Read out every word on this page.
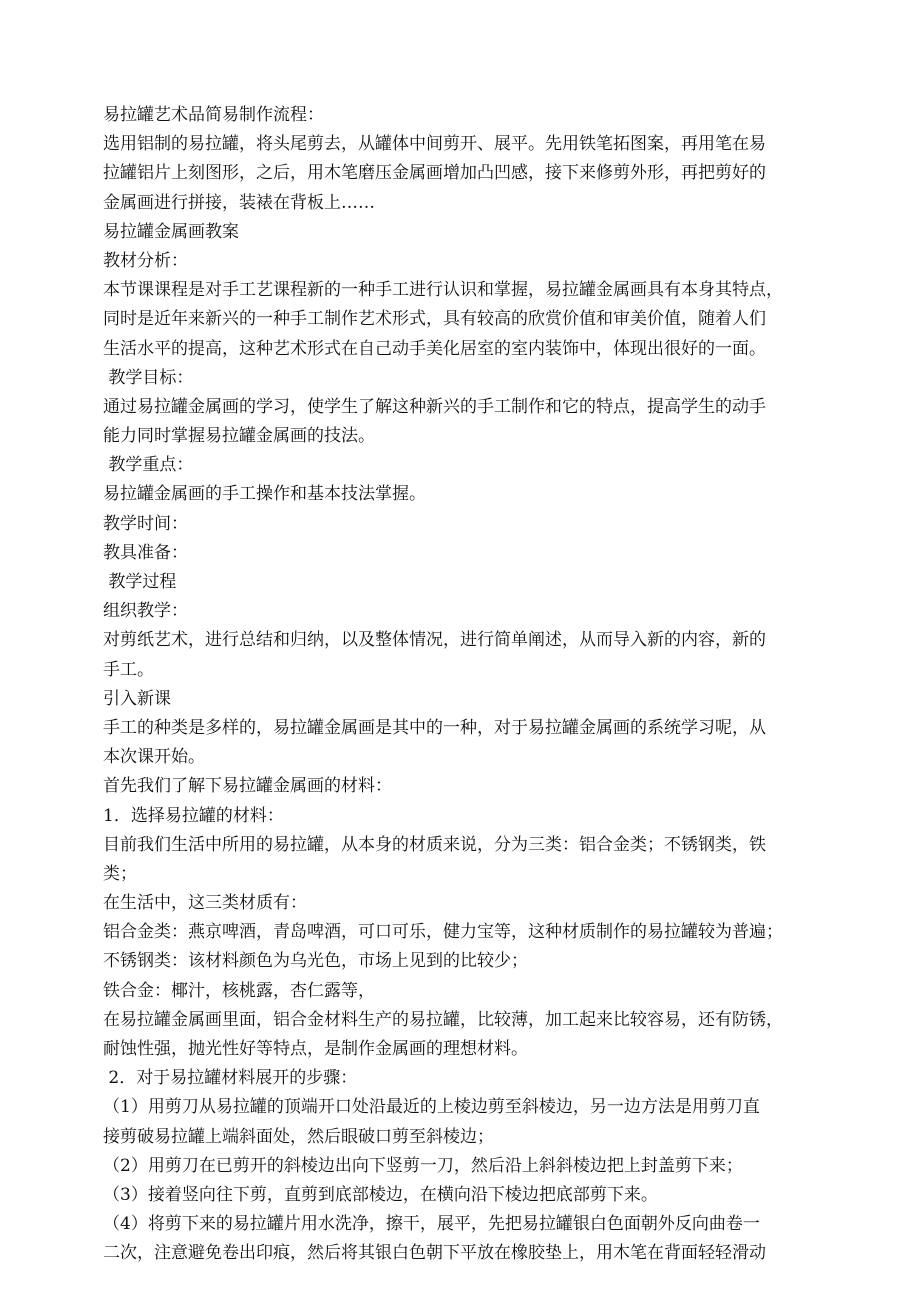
易拉罐艺术品简易制作流程：

选用铝制的易拉罐，将头尾剪去，从罐体中间剪开、展平。先用铁笔拓图案，再用笔在易

拉罐铝片上刻图形，之后，用木笔磨压金属画增加凸凹感，接下来修剪外形，再把剪好的

金属画进行拼接，装裱在背板上……

易拉罐金属画教案

教材分析：

本节课课程是对手工艺课程新的一种手工进行认识和掌握，易拉罐金属画具有本身其特点，

同时是近年来新兴的一种手工制作艺术形式，具有较高的欣赏价值和审美价值，随着人们

生活水平的提高，这种艺术形式在自己动手美化居室的室内装饰中，体现出很好的一面。

教学目标：

通过易拉罐金属画的学习，使学生了解这种新兴的手工制作和它的特点，提高学生的动手

能力同时掌握易拉罐金属画的技法。

教学重点：

易拉罐金属画的手工操作和基本技法掌握。

教学时间：

教具准备：

教学过程

组织教学：

对剪纸艺术，进行总结和归纳，以及整体情况，进行简单阐述，从而导入新的内容，新的

手工。

引入新课

手工的种类是多样的，易拉罐金属画是其中的一种，对于易拉罐金属画的系统学习呢，从

本次课开始。

首先我们了解下易拉罐金属画的材料：

1．选择易拉罐的材料：

目前我们生活中所用的易拉罐，从本身的材质来说，分为三类：铝合金类；不锈钢类，铁

类；

在生活中，这三类材质有：

铝合金类：燕京啤酒，青岛啤酒，可口可乐，健力宝等，这种材质制作的易拉罐较为普遍；

不锈钢类：该材料颜色为乌光色，市场上见到的比较少；

铁合金：椰汁，核桃露，杏仁露等，

在易拉罐金属画里面，铝合金材料生产的易拉罐，比较薄，加工起来比较容易，还有防锈，

耐蚀性强，抛光性好等特点，是制作金属画的理想材料。

2．对于易拉罐材料展开的步骤：

（1）用剪刀从易拉罐的顶端开口处沿最近的上棱边剪至斜棱边，另一边方法是用剪刀直

接剪破易拉罐上端斜面处，然后眼破口剪至斜棱边；

（2）用剪刀在已剪开的斜棱边出向下竖剪一刀，然后沿上斜斜棱边把上封盖剪下来；

（3）接着竖向往下剪，直剪到底部棱边，在横向沿下棱边把底部剪下来。

（4）将剪下来的易拉罐片用水洗净，擦干，展平，先把易拉罐银白色面朝外反向曲卷一

二次，注意避免卷出印痕，然后将其银白色朝下平放在橡胶垫上，用木笔在背面轻轻滑动
